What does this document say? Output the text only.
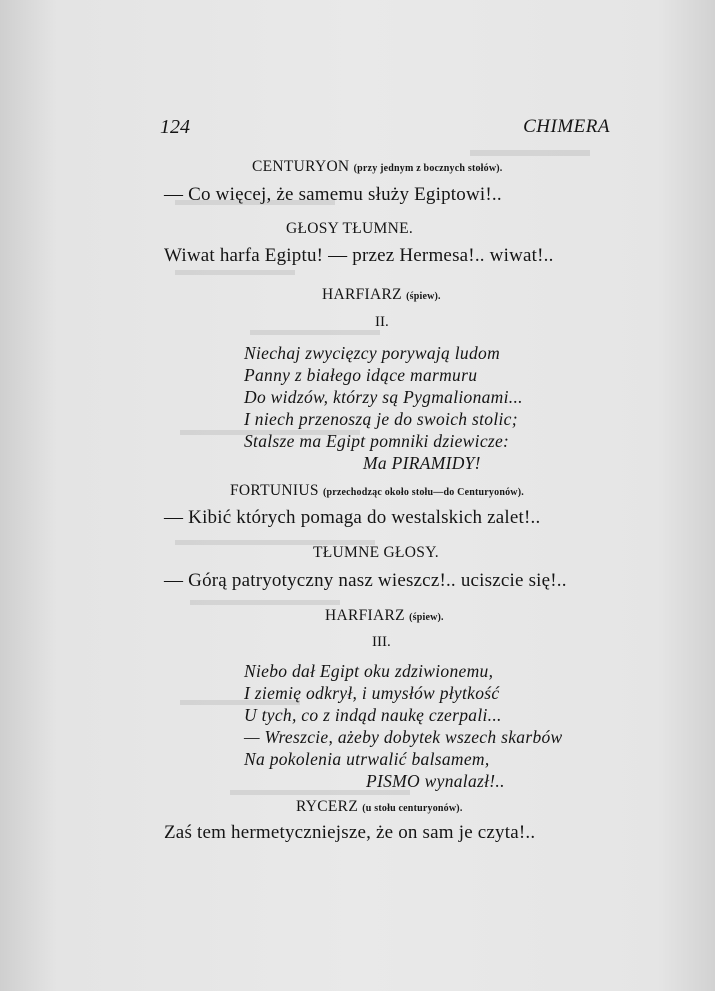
124	CHIMERA
CENTURYON (przy jednym z bocznych stołów).
— Co więcej, że samemu służy Egiptowi!..
GŁOSY TŁUMNE.
Wiwat harfa Egiptu! — przez Hermesa!.. wiwat!..
HARFIARZ (śpiew).
II.
Niechaj zwycięzcy porywają ludom
Panny z białego idące marmuru
Do widzów, którzy są Pygmalionami...
I niech przenoszą je do swoich stolic;
Stalsze ma Egipt pomniki dziewicze:
Ma PIRAMIDY!
FORTUNIUS (przechodząc około stołu—do Centuryonów).
— Kibić których pomaga do westalskich zalet!..
TŁUMNE GŁOSY.
— Górą patryotyczny nasz wieszcz!.. uciszcie się!..
HARFIARZ (śpiew).
III.
Niebo dał Egipt oku zdziwionemu,
I ziemię odkrył, i umysłów płytkość
U tych, co z indąd naukę czerpali...
— Wreszcie, ażeby dobytek wszech skarbów
Na pokolenia utrwalić balsamem,
PISMO wynalazł!..
RYCERZ (u stołu centuryonów).
Zaś tem hermetyczniejsze, że on sam je czyta!..
